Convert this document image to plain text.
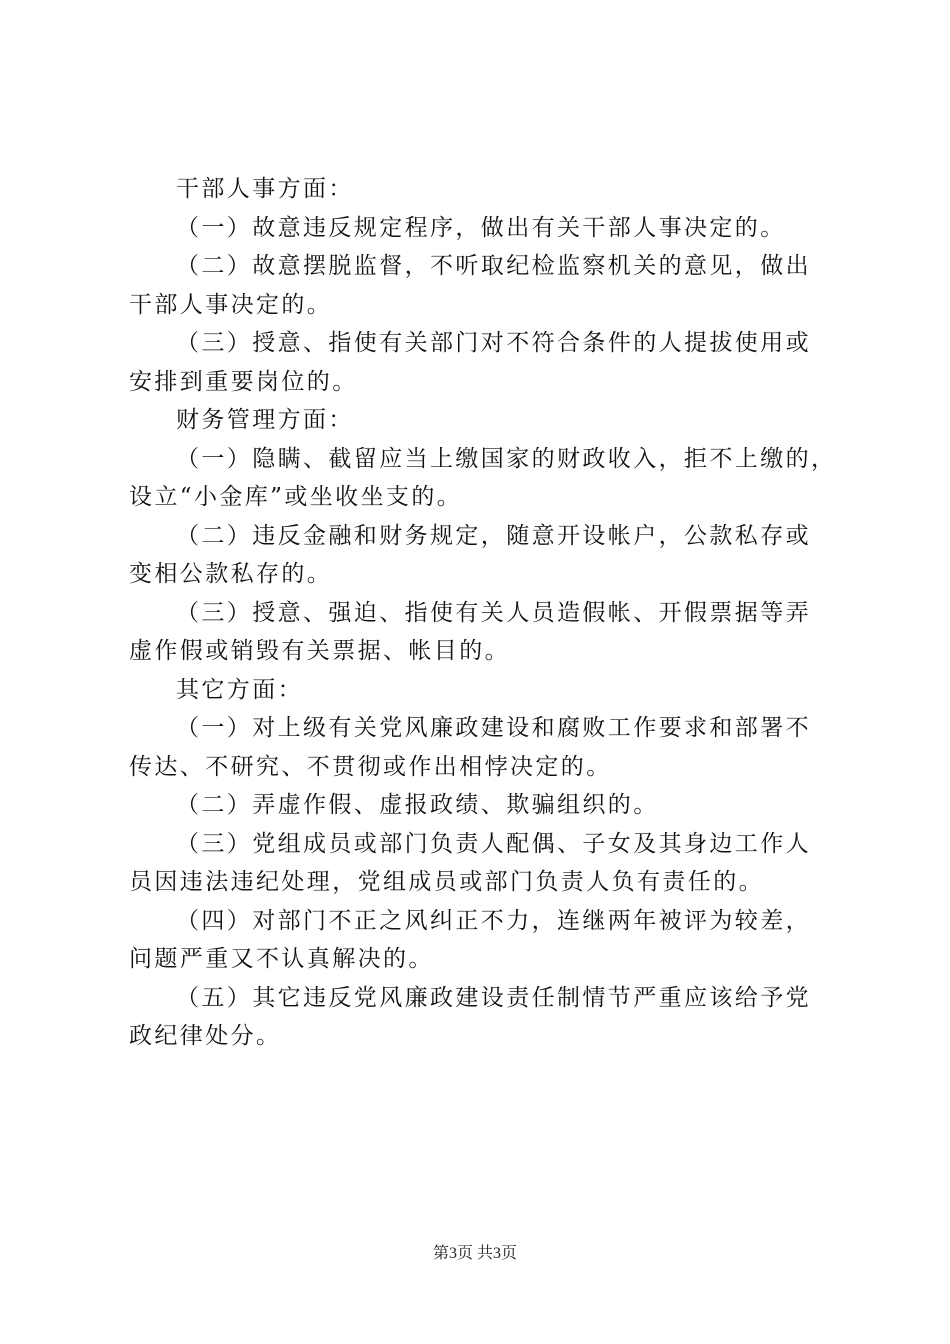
干部人事方面：
（一）故意违反规定程序，做出有关干部人事决定的。
（二）故意摆脱监督，不听取纪检监察机关的意见，做出
干部人事决定的。
（三）授意、指使有关部门对不符合条件的人提拔使用或
安排到重要岗位的。
财务管理方面：
（一）隐瞒、截留应当上缴国家的财政收入，拒不上缴的，
设立“小金库”或坐收坐支的。
（二）违反金融和财务规定，随意开设帐户，公款私存或
变相公款私存的。
（三）授意、强迫、指使有关人员造假帐、开假票据等弄
虚作假或销毁有关票据、帐目的。
其它方面：
（一）对上级有关党风廉政建设和腐败工作要求和部署不
传达、不研究、不贯彻或作出相悖决定的。
（二）弄虚作假、虚报政绩、欺骗组织的。
（三）党组成员或部门负责人配偶、子女及其身边工作人
员因违法违纪处理，党组成员或部门负责人负有责任的。
（四）对部门不正之风纠正不力，连继两年被评为较差，
问题严重又不认真解决的。
（五）其它违反党风廉政建设责任制情节严重应该给予党
政纪律处分。
第3页 共3页
